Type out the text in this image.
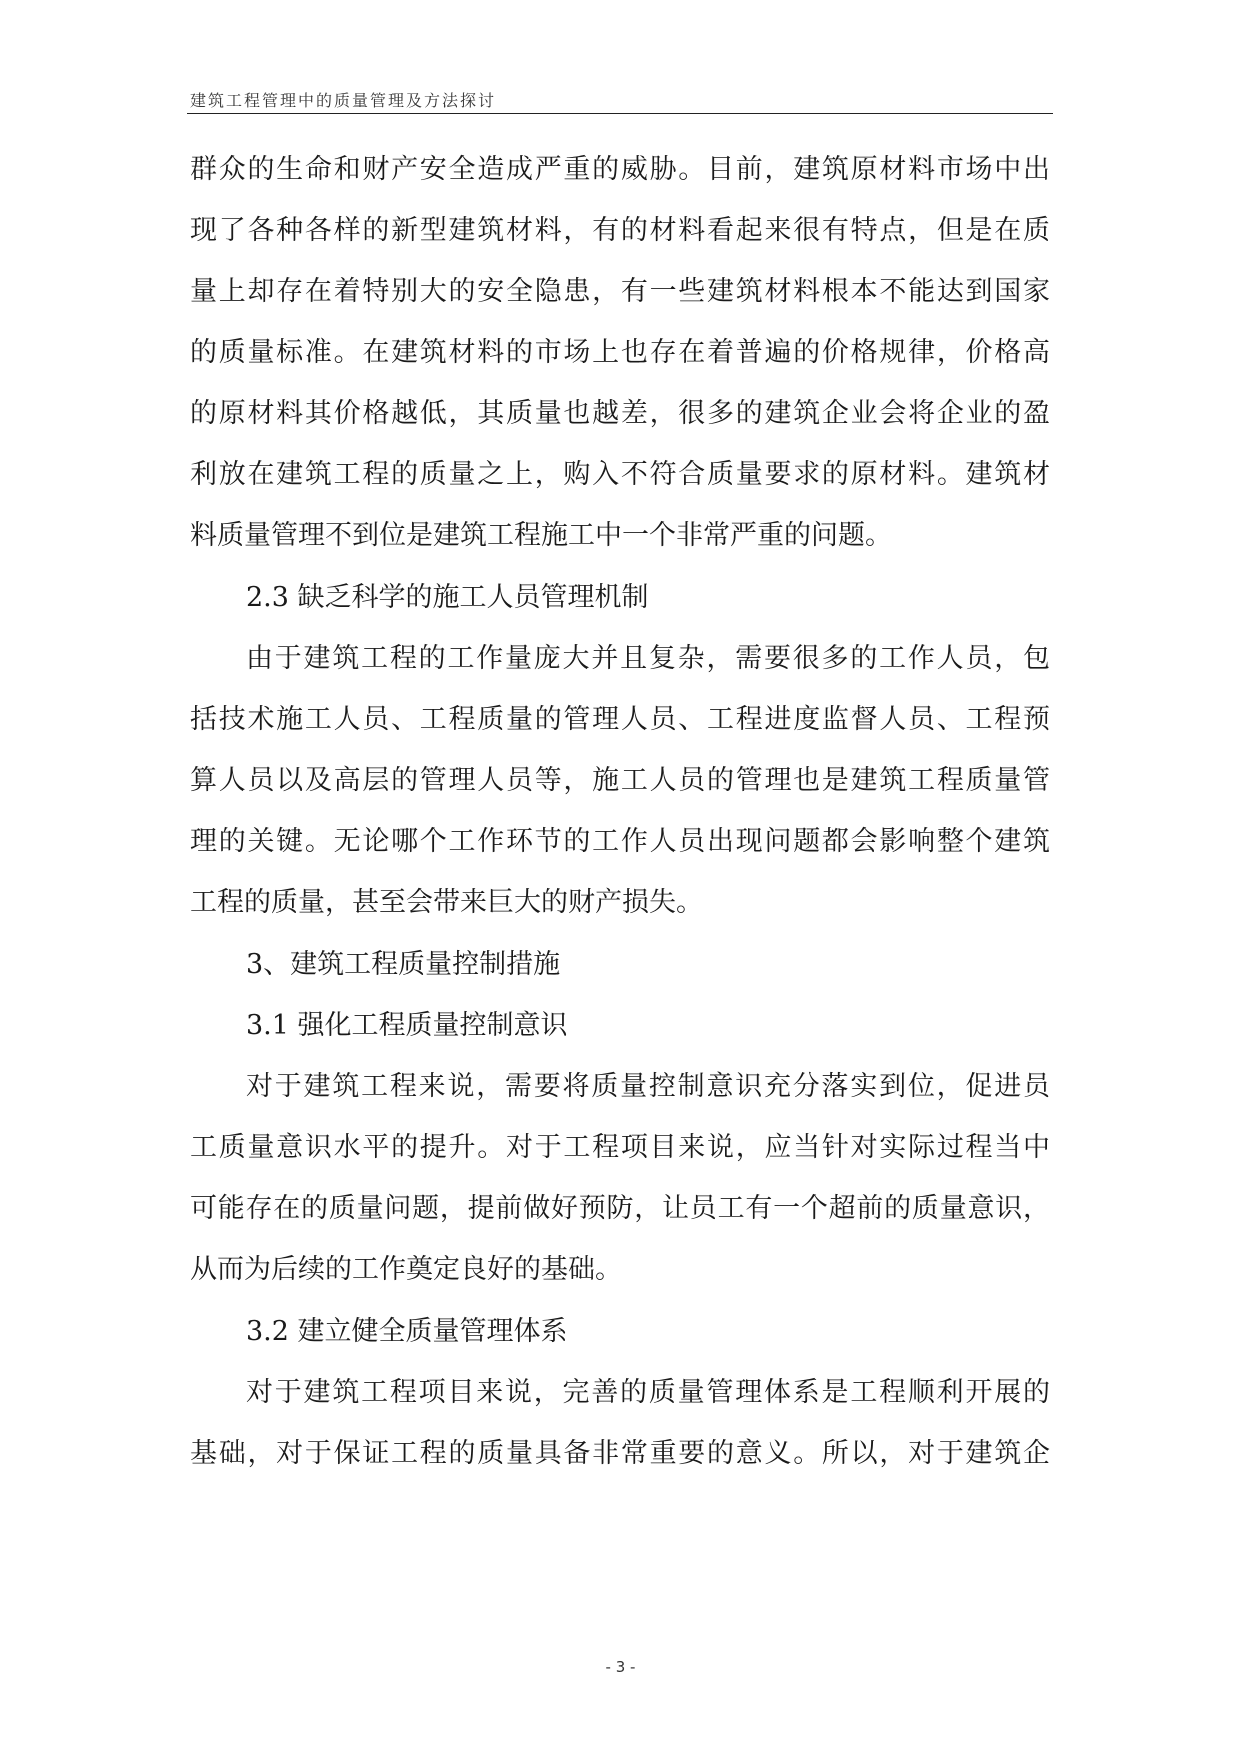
建筑工程管理中的质量管理及方法探讨
群众的生命和财产安全造成严重的威胁。目前，建筑原材料市场中出
现了各种各样的新型建筑材料，有的材料看起来很有特点，但是在质
量上却存在着特别大的安全隐患，有一些建筑材料根本不能达到国家
的质量标准。在建筑材料的市场上也存在着普遍的价格规律，价格高
的原材料其价格越低，其质量也越差，很多的建筑企业会将企业的盈
利放在建筑工程的质量之上，购入不符合质量要求的原材料。建筑材
料质量管理不到位是建筑工程施工中一个非常严重的问题。
2.3 缺乏科学的施工人员管理机制
由于建筑工程的工作量庞大并且复杂，需要很多的工作人员，包
括技术施工人员、工程质量的管理人员、工程进度监督人员、工程预
算人员以及高层的管理人员等，施工人员的管理也是建筑工程质量管
理的关键。无论哪个工作环节的工作人员出现问题都会影响整个建筑
工程的质量，甚至会带来巨大的财产损失。
3、建筑工程质量控制措施
3.1 强化工程质量控制意识
对于建筑工程来说，需要将质量控制意识充分落实到位，促进员
工质量意识水平的提升。对于工程项目来说，应当针对实际过程当中
可能存在的质量问题，提前做好预防，让员工有一个超前的质量意识，
从而为后续的工作奠定良好的基础。
3.2 建立健全质量管理体系
对于建筑工程项目来说，完善的质量管理体系是工程顺利开展的
基础，对于保证工程的质量具备非常重要的意义。所以，对于建筑企
- 3 -
